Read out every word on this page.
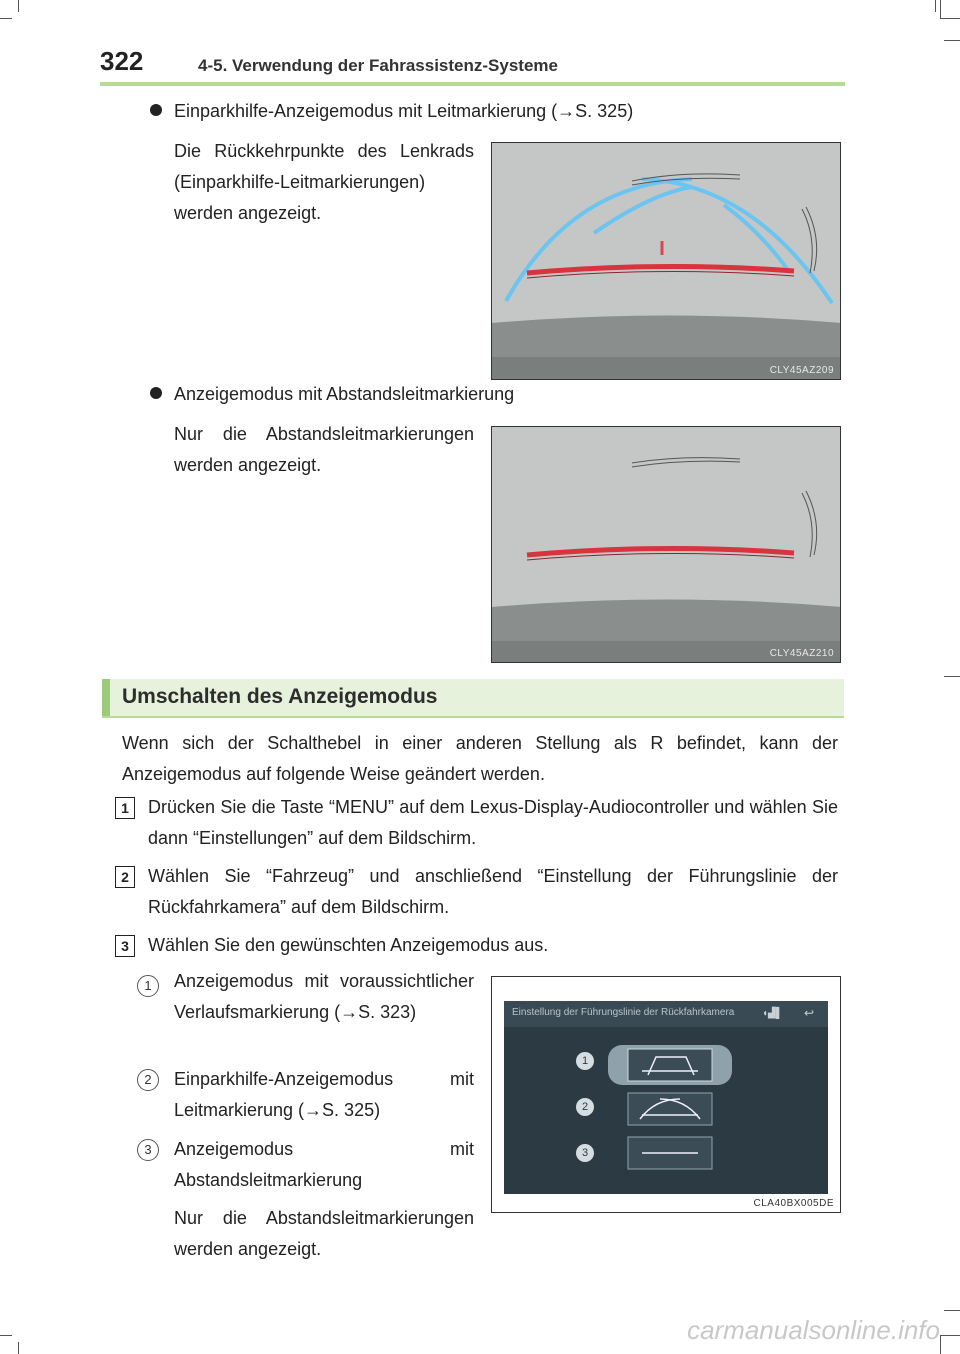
322	4-5. Verwendung der Fahrassistenz-Systeme
Einparkhilfe-Anzeigemodus mit Leitmarkierung (→S. 325)
Die Rückkehrpunkte des Lenkrads (Einparkhilfe-Leitmarkierungen) werden angezeigt.
CLY45AZ209
Anzeigemodus mit Abstandsleitmarkierung
Nur die Abstandsleitmarkierungen werden angezeigt.
CLY45AZ210
Umschalten des Anzeigemodus
Wenn sich der Schalthebel in einer anderen Stellung als R befindet, kann der Anzeigemodus auf folgende Weise geändert werden.
1	Drücken Sie die Taste “MENU” auf dem Lexus-Display-Audiocontroller und wählen Sie dann “Einstellungen” auf dem Bildschirm.
2	Wählen Sie “Fahrzeug” und anschließend “Einstellung der Führungslinie der Rückfahrkamera” auf dem Bildschirm.
3	Wählen Sie den gewünschten Anzeigemodus aus.
1	Anzeigemodus mit voraussichtlicher Verlaufsmarkierung (→S. 323)
2	Einparkhilfe-Anzeigemodus mit Leitmarkierung (→S. 325)
3	Anzeigemodus mit Abstandsleitmarkierung
Nur die Abstandsleitmarkierungen werden angezeigt.
Einstellung der Führungslinie der Rückfahrkamera	◖▟▌ ↩
1
2
3
CLA40BX005DE
carmanualsonline.info
